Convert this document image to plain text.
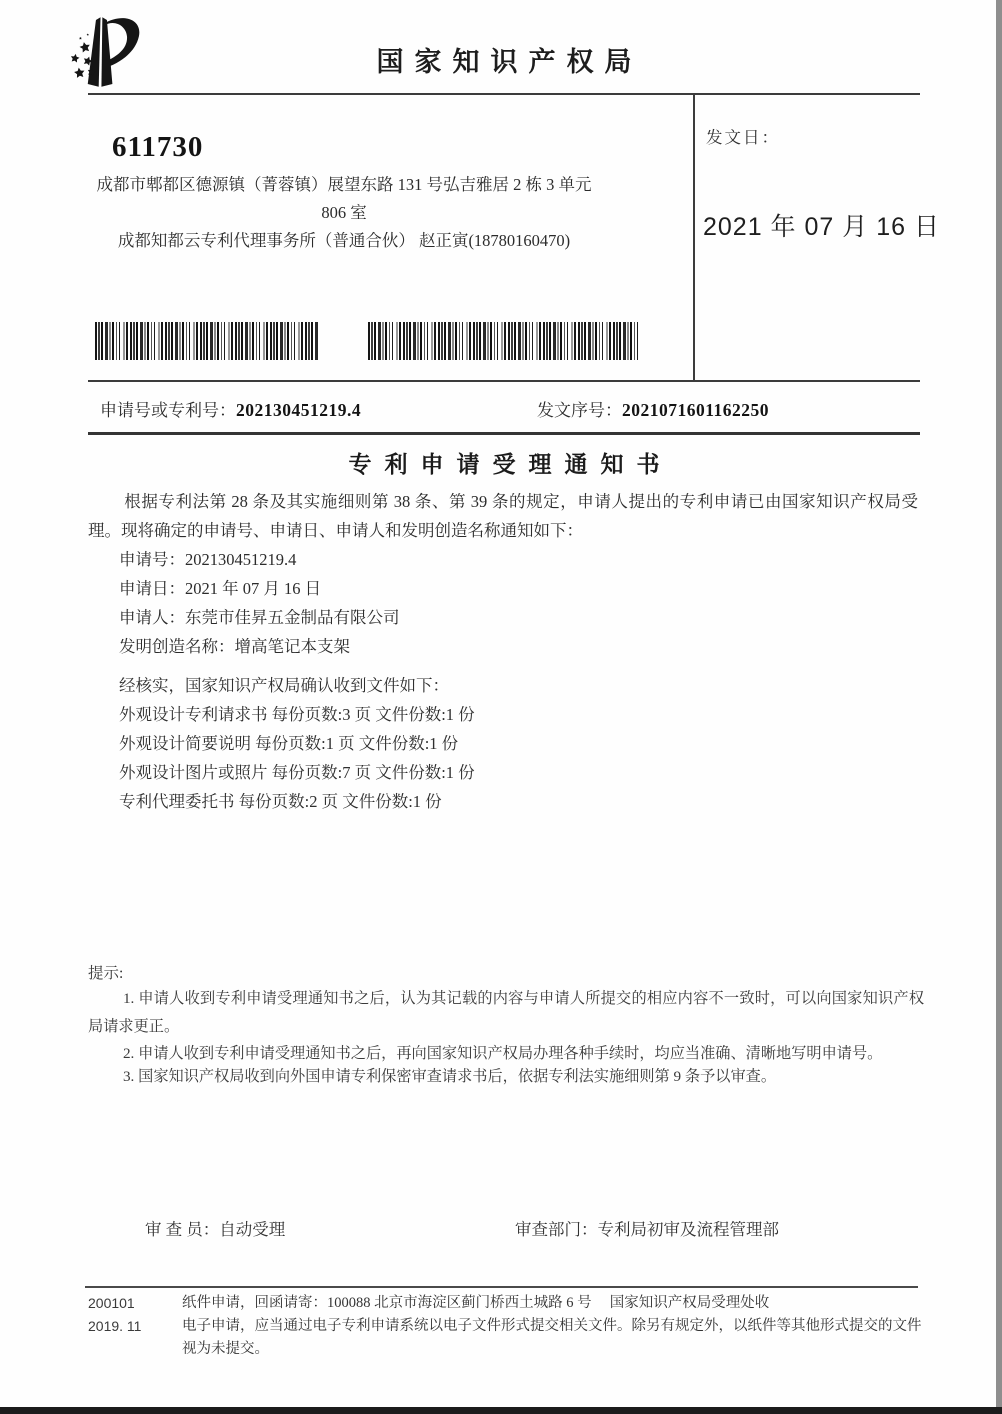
国家知识产权局
611730
成都市郫都区德源镇（菁蓉镇）展望东路 131 号弘吉雅居 2 栋 3 单元
806 室
成都知都云专利代理事务所（普通合伙） 赵正寅(18780160470)
发文日：
2021 年 07 月 16 日
申请号或专利号：202130451219.4	发文序号：2021071601162250
专利申请受理通知书
根据专利法第 28 条及其实施细则第 38 条、第 39 条的规定，申请人提出的专利申请已由国家知识产权局受理。现将确定的申请号、申请日、申请人和发明创造名称通知如下：
申请号：202130451219.4
申请日：2021 年 07 月 16 日
申请人：东莞市佳昇五金制品有限公司
发明创造名称：增高笔记本支架
经核实，国家知识产权局确认收到文件如下：
外观设计专利请求书 每份页数:3 页 文件份数:1 份
外观设计简要说明 每份页数:1 页 文件份数:1 份
外观设计图片或照片 每份页数:7 页 文件份数:1 份
专利代理委托书 每份页数:2 页 文件份数:1 份
提示:
1. 申请人收到专利申请受理通知书之后，认为其记载的内容与申请人所提交的相应内容不一致时，可以向国家知识产权局请求更正。
2. 申请人收到专利申请受理通知书之后，再向国家知识产权局办理各种手续时，均应当准确、清晰地写明申请号。
3. 国家知识产权局收到向外国申请专利保密审查请求书后，依据专利法实施细则第 9 条予以审查。
审 查 员：自动受理	审查部门：专利局初审及流程管理部
200101	纸件申请，回函请寄：100088 北京市海淀区蓟门桥西土城路 6 号　 国家知识产权局受理处收
2019. 11	电子申请，应当通过电子专利申请系统以电子文件形式提交相关文件。除另有规定外，以纸件等其他形式提交的文件视为未提交。
